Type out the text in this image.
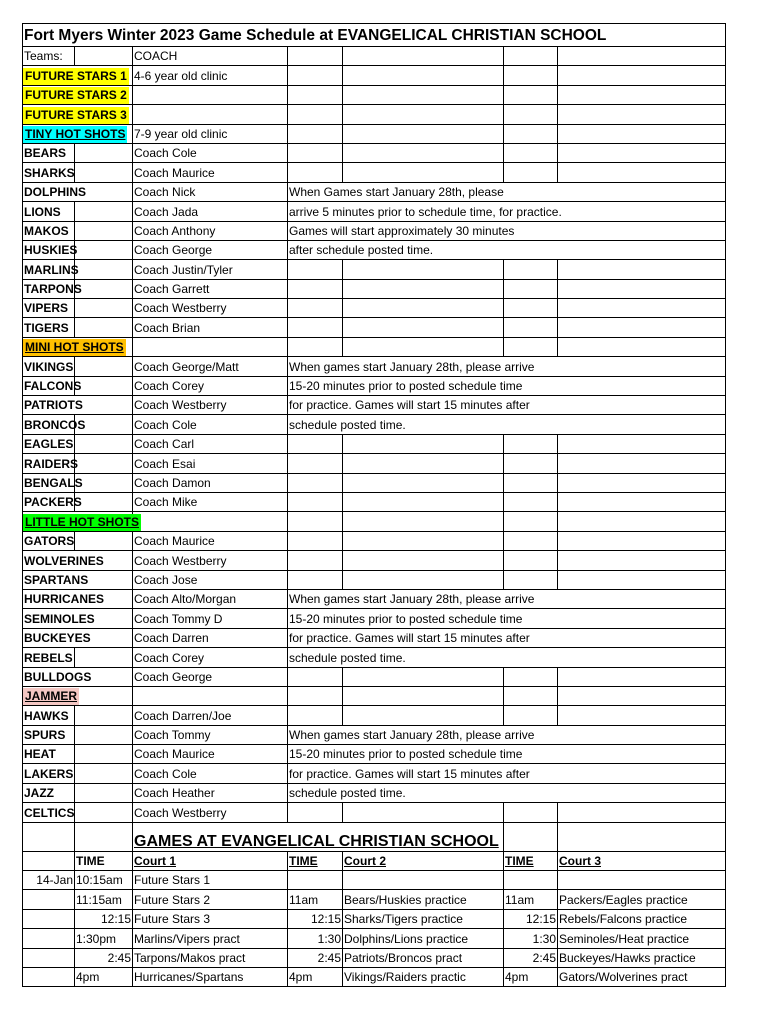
Fort Myers Winter 2023 Game Schedule at EVANGELICAL CHRISTIAN SCHOOL						
Teams:		COACH				
FUTURE STARS 1		4-6 year old clinic				
FUTURE STARS 2						
FUTURE STARS 3						
TINY HOT SHOTS		7-9 year old clinic				
BEARS		Coach Cole				
SHARKS		Coach Maurice				
DOLPHINS		Coach Nick	When Games start January 28th, please			
LIONS		Coach Jada	arrive 5 minutes prior to schedule time, for practice.			
MAKOS		Coach Anthony	Games will start approximately 30 minutes			
HUSKIES		Coach George	after schedule posted time.			
MARLINS		Coach Justin/Tyler				
TARPONS		Coach Garrett				
VIPERS		Coach Westberry				
TIGERS		Coach Brian				
MINI HOT SHOTS						
VIKINGS		Coach George/Matt	When games start January 28th, please arrive			
FALCONS		Coach Corey	15-20 minutes prior to posted schedule time			
PATRIOTS		Coach Westberry	for practice. Games will start 15 minutes after			
BRONCOS		Coach Cole	schedule posted time.			
EAGLES		Coach Carl				
RAIDERS		Coach Esai				
BENGALS		Coach Damon				
PACKERS		Coach Mike				
LITTLE HOT SHOTS						
GATORS		Coach Maurice				
WOLVERINES		Coach Westberry				
SPARTANS		Coach Jose				
HURRICANES		Coach Alto/Morgan	When games start January 28th, please arrive			
SEMINOLES		Coach Tommy D	15-20 minutes prior to posted schedule time			
BUCKEYES		Coach Darren	for practice. Games will start 15 minutes after			
REBELS		Coach Corey	schedule posted time.			
BULLDOGS		Coach George				
JAMMER						
HAWKS		Coach Darren/Joe				
SPURS		Coach Tommy	When games start January 28th, please arrive			
HEAT		Coach Maurice	15-20 minutes prior to posted schedule time			
LAKERS		Coach Cole	for practice. Games will start 15 minutes after			
JAZZ		Coach Heather	schedule posted time.			
CELTICS		Coach Westberry				
		GAMES AT EVANGELICAL CHRISTIAN SCHOOL				
	TIME	Court 1	TIME	Court 2	TIME	Court 3
14-Jan	10:15am	Future Stars 1				
	11:15am	Future Stars 2	11am	Bears/Huskies practice	11am	Packers/Eagles practice
	12:15	Future Stars 3	12:15	Sharks/Tigers practice	12:15	Rebels/Falcons practice
	1:30pm	Marlins/Vipers pract	1:30	Dolphins/Lions practice	1:30	Seminoles/Heat practice
	2:45	Tarpons/Makos pract	2:45	Patriots/Broncos pract	2:45	Buckeyes/Hawks practice
	4pm	Hurricanes/Spartans	4pm	Vikings/Raiders practic	4pm	Gators/Wolverines pract
